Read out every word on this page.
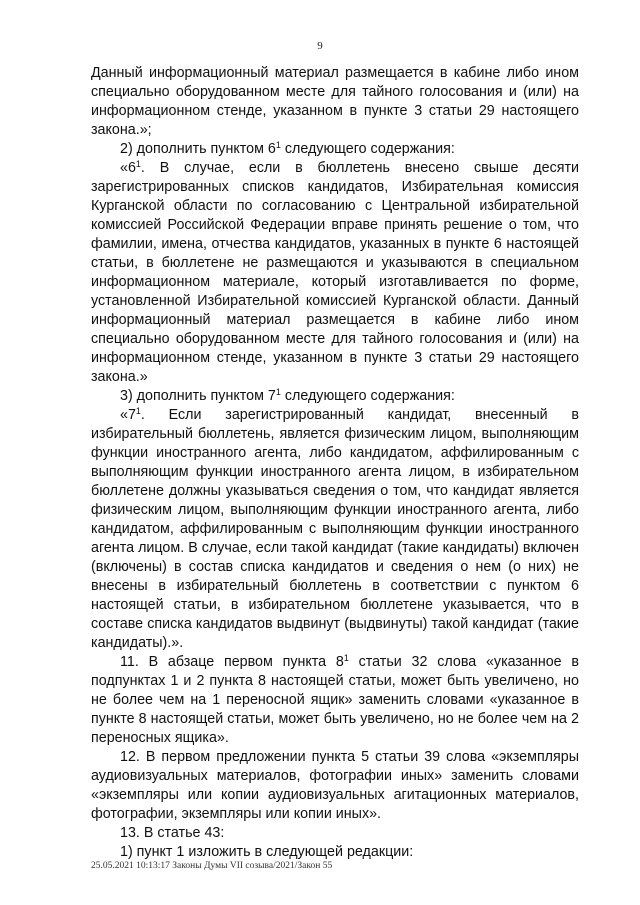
9

Данный информационный материал размещается в кабине либо ином специально оборудованном месте для тайного голосования и (или) на информационном стенде, указанном в пункте 3 статьи 29 настоящего закона.»;

2) дополнить пунктом $6^1$ следующего содержания:

«$6^1$. В случае, если в бюллетень внесено свыше десяти зарегистрированных списков кандидатов, Избирательная комиссия Курганской области по согласованию с Центральной избирательной комиссией Российской Федерации вправе принять решение о том, что фамилии, имена, отчества кандидатов, указанных в пункте 6 настоящей статьи, в бюллетене не размещаются и указываются в специальном информационном материале, который изготавливается по форме, установленной Избирательной комиссией Курганской области. Данный информационный материал размещается в кабине либо ином специально оборудованном месте для тайного голосования и (или) на информационном стенде, указанном в пункте 3 статьи 29 настоящего закона.»

3) дополнить пунктом $7^1$ следующего содержания:

«$7^1$. Если зарегистрированный кандидат, внесенный в избирательный бюллетень, является физическим лицом, выполняющим функции иностранного агента, либо кандидатом, аффилированным с выполняющим функции иностранного агента лицом, в избирательном бюллетене должны указываться сведения о том, что кандидат является физическим лицом, выполняющим функции иностранного агента, либо кандидатом, аффилированным с выполняющим функции иностранного агента лицом. В случае, если такой кандидат (такие кандидаты) включен (включены) в состав списка кандидатов и сведения о нем (о них) не внесены в избирательный бюллетень в соответствии с пунктом 6 настоящей статьи, в избирательном бюллетене указывается, что в составе списка кандидатов выдвинут (выдвинуты) такой кандидат (такие кандидаты).».

11. В абзаце первом пункта $8^1$ статьи 32 слова «указанное в подпунктах 1 и 2 пункта 8 настоящей статьи, может быть увеличено, но не более чем на 1 переносной ящик» заменить словами «указанное в пункте 8 настоящей статьи, может быть увеличено, но не более чем на 2 переносных ящика».

12. В первом предложении пункта 5 статьи 39 слова «экземпляры аудиовизуальных материалов, фотографии иных» заменить словами «экземпляры или копии аудиовизуальных агитационных материалов, фотографии, экземпляры или копии иных».

13. В статье 43:

1) пункт 1 изложить в следующей редакции:

25.05.2021 10:13:17 Законы Думы VII созыва/2021/Закон 55
